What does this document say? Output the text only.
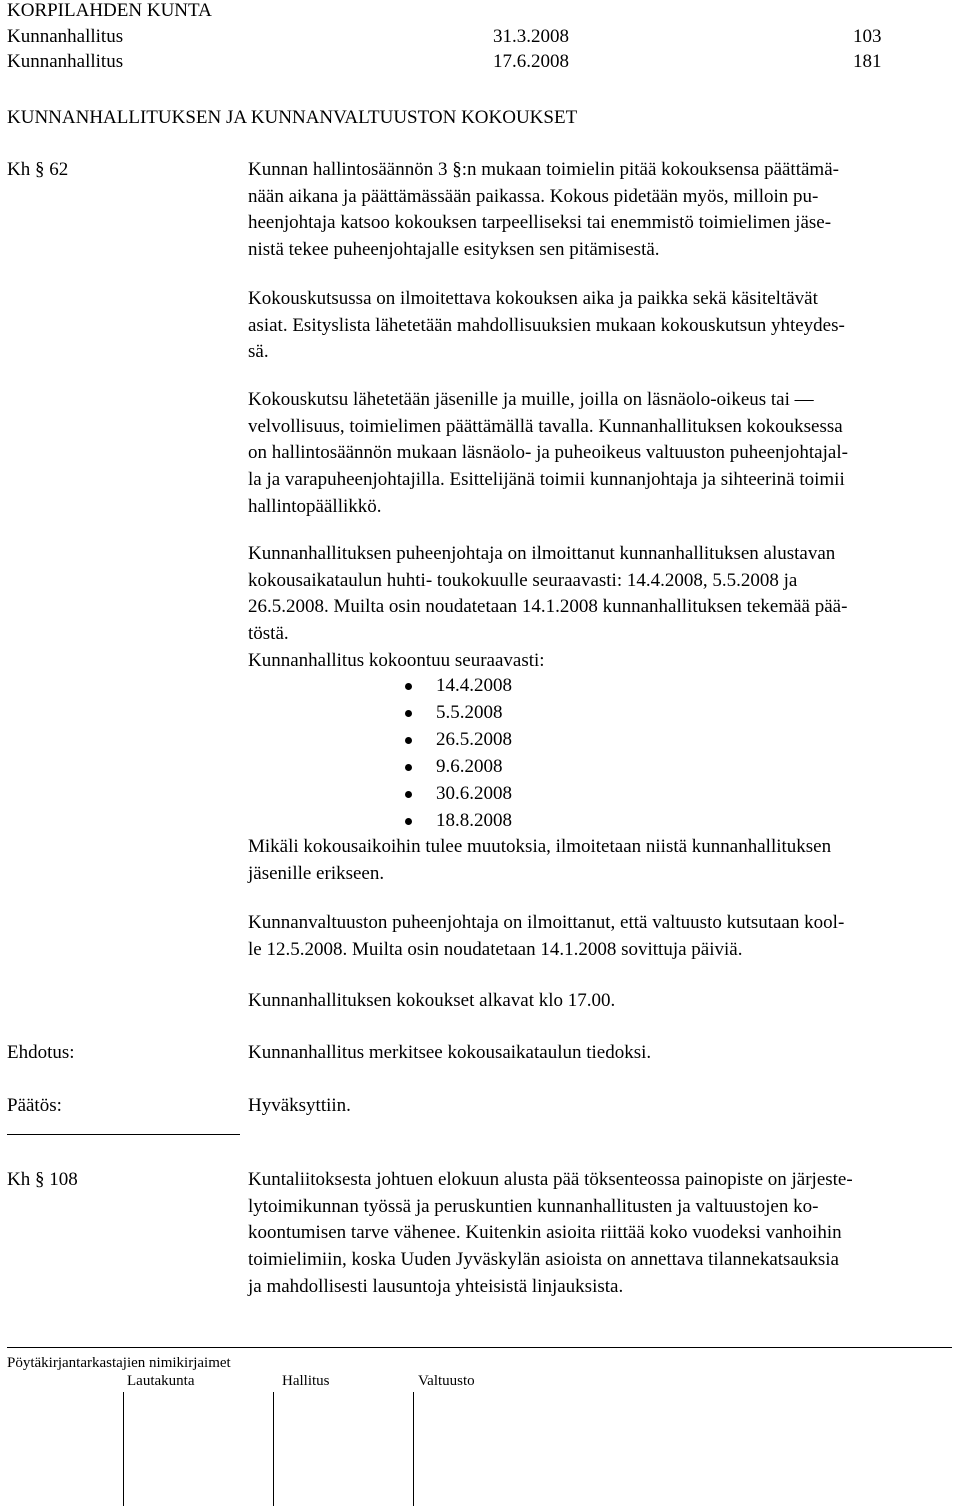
KORPILAHDEN KUNTA
Kunnanhallitus	31.3.2008	103
Kunnanhallitus	17.6.2008	181
KUNNANHALLITUKSEN JA KUNNANVALTUUSTON KOKOUKSET
Kh § 62	Kunnan hallintosäännön 3 §:n mukaan toimielin pitää kokouksensa päättämä-

nään aikana ja päättämässään paikassa. Kokous pidetään myös, milloin pu-

heenjohtaja katsoo kokouksen tarpeelliseksi tai enemmistö toimielimen jäse-

nistä tekee puheenjohtajalle esityksen sen pitämisestä.

Kokouskutsussa on ilmoitettava kokouksen aika ja paikka sekä käsiteltävät

asiat. Esityslista lähetetään mahdollisuuksien mukaan kokouskutsun yhteydes-

sä.

Kokouskutsu lähetetään jäsenille ja muille, joilla on läsnäolo-oikeus tai —

velvollisuus, toimielimen päättämällä tavalla. Kunnanhallituksen kokouksessa

on hallintosäännön mukaan läsnäolo- ja puheoikeus valtuuston puheenjohtajal-

la ja varapuheenjohtajilla. Esittelijänä toimii kunnanjohtaja ja sihteerinä toimii

hallintopäällikkö.

Kunnanhallituksen puheenjohtaja on ilmoittanut kunnanhallituksen alustavan

kokousaikataulun huhti- toukokuulle seuraavasti: 14.4.2008, 5.5.2008 ja

26.5.2008. Muilta osin noudatetaan 14.1.2008 kunnanhallituksen tekemää pää-

töstä.

Kunnanhallitus kokoontuu seuraavasti:

14.4.2008
5.5.2008
26.5.2008
9.6.2008
30.6.2008
18.8.2008

Mikäli kokousaikoihin tulee muutoksia, ilmoitetaan niistä kunnanhallituksen

jäsenille erikseen.

Kunnanvaltuuston puheenjohtaja on ilmoittanut, että valtuusto kutsutaan kool-

le 12.5.2008. Muilta osin noudatetaan 14.1.2008 sovittuja päiviä.

Kunnanhallituksen kokoukset alkavat klo 17.00.

Ehdotus:	Kunnanhallitus merkitsee kokousaikataulun tiedoksi.

Päätös:	Hyväksyttiin.

Kh § 108	Kuntaliitoksesta johtuen elokuun alusta pää töksenteossa painopiste on järjeste-

lytoimikunnan työssä ja peruskuntien kunnanhallitusten ja valtuustojen ko-

koontumisen tarve vähenee. Kuitenkin asioita riittää koko vuodeksi vanhoihin

toimielimiin, koska Uuden Jyväskylän asioista on annettava tilannekatsauksia

ja mahdollisesti lausuntoja yhteisistä linjauksista.

Pöytäkirjantarkastajien nimikirjaimet
Lautakunta	Hallitus	Valtuusto
